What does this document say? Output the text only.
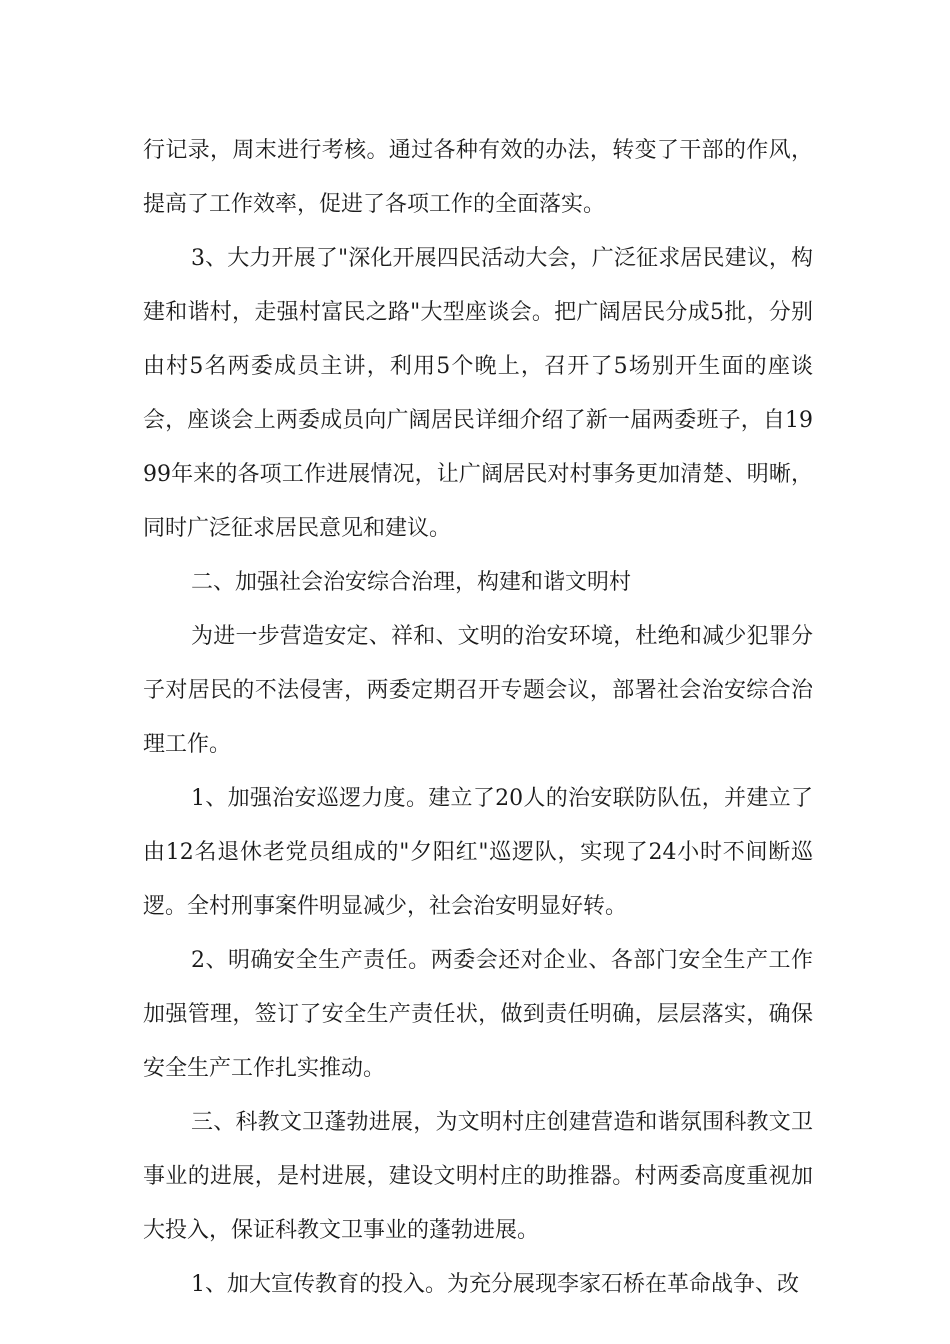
行记录，周末进行考核。通过各种有效的办法，转变了干部的作风，提高了工作效率，促进了各项工作的全面落实。

3、大力开展了"深化开展四民活动大会，广泛征求居民建议，构建和谐村，走强村富民之路"大型座谈会。把广阔居民分成5批，分别由村5名两委成员主讲，利用5个晚上，召开了5场别开生面的座谈会，座谈会上两委成员向广阔居民详细介绍了新一届两委班子，自1999年来的各项工作进展情况，让广阔居民对村事务更加清楚、明晰，同时广泛征求居民意见和建议。

二、加强社会治安综合治理，构建和谐文明村

为进一步营造安定、祥和、文明的治安环境，杜绝和减少犯罪分子对居民的不法侵害，两委定期召开专题会议，部署社会治安综合治理工作。

1、加强治安巡逻力度。建立了20人的治安联防队伍，并建立了由12名退休老党员组成的"夕阳红"巡逻队，实现了24小时不间断巡逻。全村刑事案件明显减少，社会治安明显好转。

2、明确安全生产责任。两委会还对企业、各部门安全生产工作加强管理，签订了安全生产责任状，做到责任明确，层层落实，确保安全生产工作扎实推动。

三、科教文卫蓬勃进展，为文明村庄创建营造和谐氛围科教文卫事业的进展，是村进展，建设文明村庄的助推器。村两委高度重视加大投入，保证科教文卫事业的蓬勃进展。

1、加大宣传教育的投入。为充分展现李家石桥在革命战争、改
